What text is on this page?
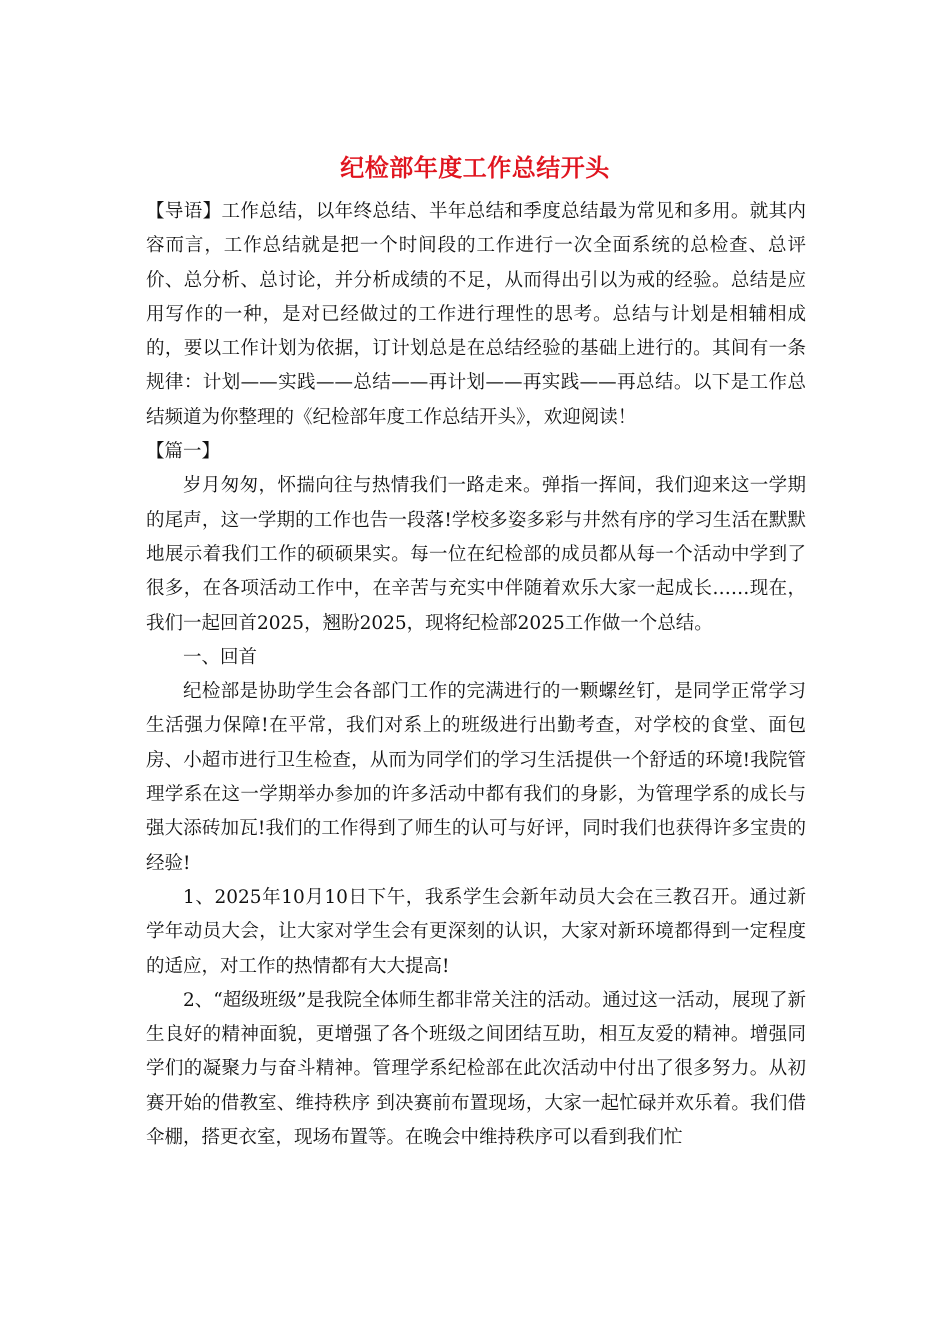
纪检部年度工作总结开头

【导语】工作总结，以年终总结、半年总结和季度总结最为常见和多用。就其内容而言，工作总结就是把一个时间段的工作进行一次全面系统的总检查、总评价、总分析、总讨论，并分析成绩的不足，从而得出引以为戒的经验。总结是应用写作的一种，是对已经做过的工作进行理性的思考。总结与计划是相辅相成的，要以工作计划为依据，订计划总是在总结经验的基础上进行的。其间有一条规律：计划——实践——总结——再计划——再实践——再总结。以下是工作总结频道为你整理的《纪检部年度工作总结开头》，欢迎阅读！

【篇一】

岁月匆匆，怀揣向往与热情我们一路走来。弹指一挥间，我们迎来这一学期的尾声，这一学期的工作也告一段落!学校多姿多彩与井然有序的学习生活在默默地展示着我们工作的硕硕果实。每一位在纪检部的成员都从每一个活动中学到了很多，在各项活动工作中，在辛苦与充实中伴随着欢乐大家一起成长……现在，我们一起回首2025，翘盼2025，现将纪检部2025工作做一个总结。

一、回首

纪检部是协助学生会各部门工作的完满进行的一颗螺丝钉，是同学正常学习生活强力保障!在平常，我们对系上的班级进行出勤考查，对学校的食堂、面包房、小超市进行卫生检查，从而为同学们的学习生活提供一个舒适的环境!我院管理学系在这一学期举办参加的许多活动中都有我们的身影，为管理学系的成长与强大添砖加瓦!我们的工作得到了师生的认可与好评，同时我们也获得许多宝贵的经验!

1、2025年10月10日下午，我系学生会新年动员大会在三教召开。通过新学年动员大会，让大家对学生会有更深刻的认识，大家对新环境都得到一定程度的适应，对工作的热情都有大大提高!

2、“超级班级”是我院全体师生都非常关注的活动。通过这一活动，展现了新生良好的精神面貌，更增强了各个班级之间团结互助，相互友爱的精神。增强同学们的凝聚力与奋斗精神。管理学系纪检部在此次活动中付出了很多努力。从初赛开始的借教室、维持秩序 到决赛前布置现场，大家一起忙碌并欢乐着。我们借伞棚，搭更衣室，现场布置等。在晚会中维持秩序可以看到我们忙
